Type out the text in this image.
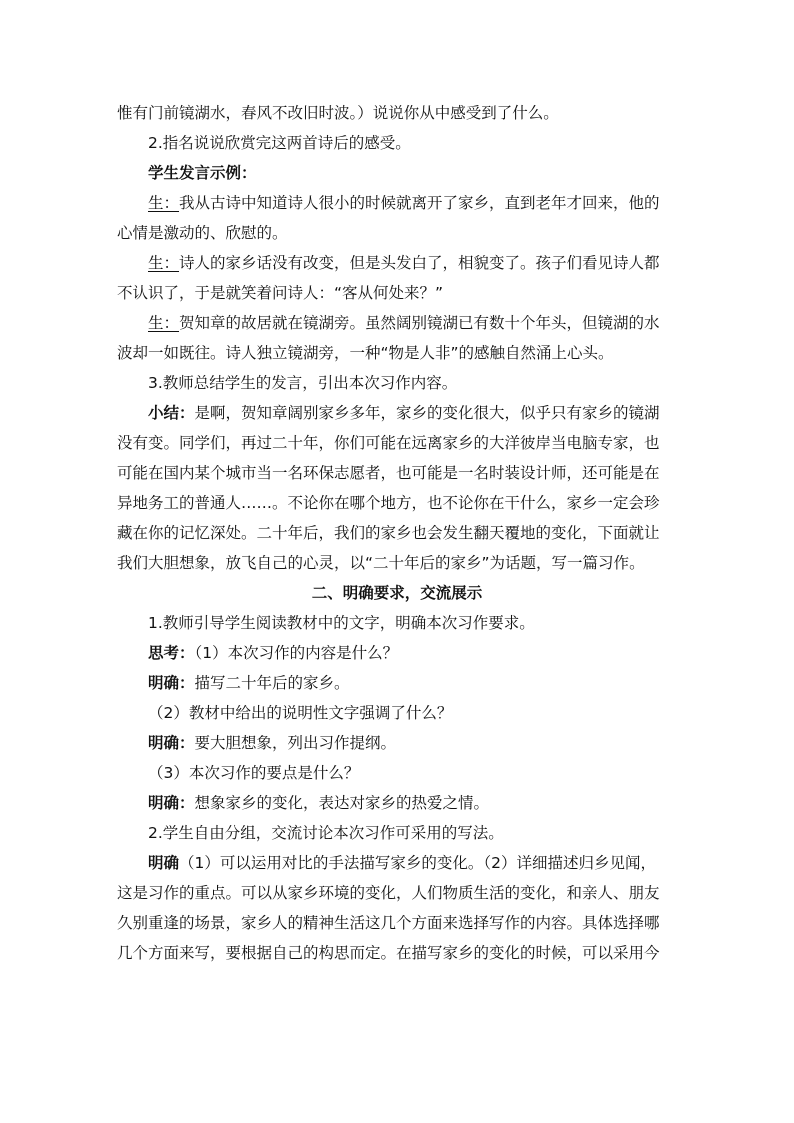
惟有门前镜湖水，春风不改旧时波。）说说你从中感受到了什么。

2.指名说说欣赏完这两首诗后的感受。

学生发言示例：

生：我从古诗中知道诗人很小的时候就离开了家乡，直到老年才回来，他的
心情是激动的、欣慰的。

生：诗人的家乡话没有改变，但是头发白了，相貌变了。孩子们看见诗人都
不认识了，于是就笑着问诗人：“客从何处来？”

生：贺知章的故居就在镜湖旁。虽然阔别镜湖已有数十个年头，但镜湖的水
波却一如既往。诗人独立镜湖旁，一种“物是人非”的感触自然涌上心头。

3.教师总结学生的发言，引出本次习作内容。

小结：是啊，贺知章阔别家乡多年，家乡的变化很大，似乎只有家乡的镜湖
没有变。同学们，再过二十年，你们可能在远离家乡的大洋彼岸当电脑专家，也
可能在国内某个城市当一名环保志愿者，也可能是一名时装设计师，还可能是在
异地务工的普通人……。不论你在哪个地方，也不论你在干什么，家乡一定会珍
藏在你的记忆深处。二十年后，我们的家乡也会发生翻天覆地的变化，下面就让
我们大胆想象，放飞自己的心灵，以“二十年后的家乡”为话题，写一篇习作。

二、明确要求，交流展示

1.教师引导学生阅读教材中的文字，明确本次习作要求。

思考：（1）本次习作的内容是什么？

明确：描写二十年后的家乡。

（2）教材中给出的说明性文字强调了什么？

明确：要大胆想象，列出习作提纲。

（3）本次习作的要点是什么？

明确：想象家乡的变化，表达对家乡的热爱之情。

2.学生自由分组，交流讨论本次习作可采用的写法。

明确（1）可以运用对比的手法描写家乡的变化。（2）详细描述归乡见闻，
这是习作的重点。可以从家乡环境的变化，人们物质生活的变化，和亲人、朋友
久别重逢的场景，家乡人的精神生活这几个方面来选择写作的内容。具体选择哪
几个方面来写，要根据自己的构思而定。在描写家乡的变化的时候，可以采用今
